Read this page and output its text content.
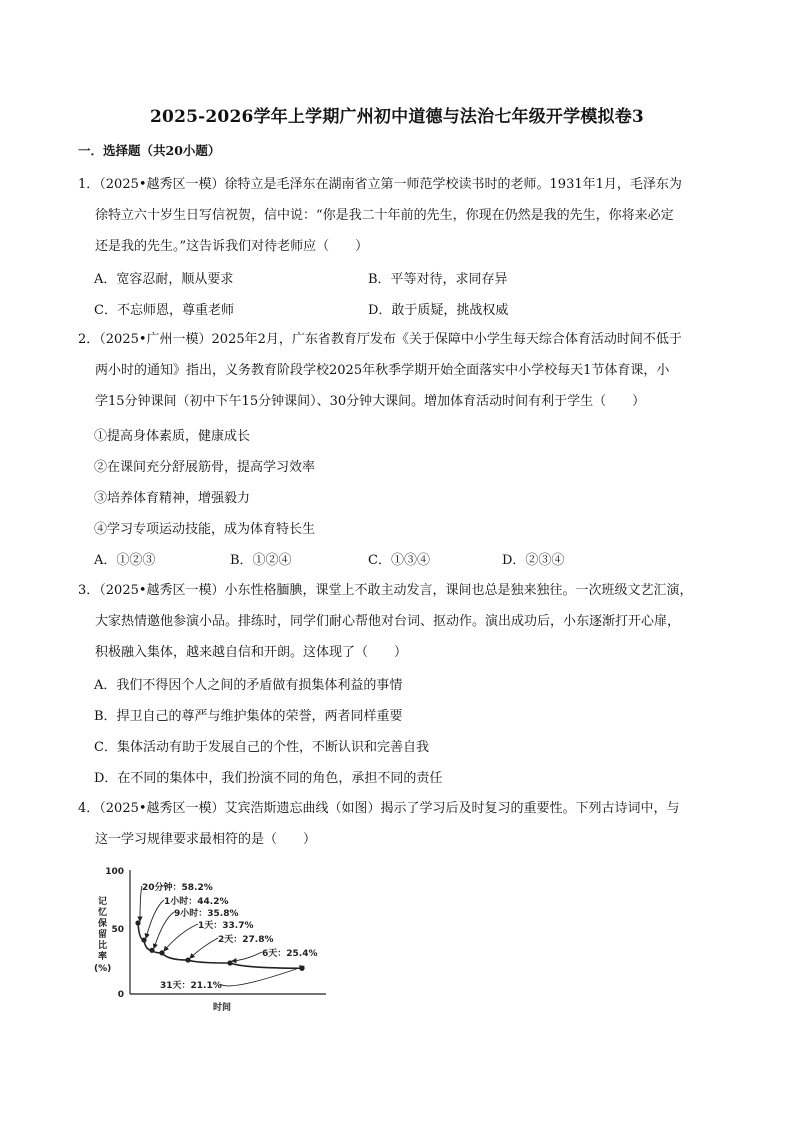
2025-2026学年上学期广州初中道德与法治七年级开学模拟卷3
一．选择题（共20小题）
1．（2025•越秀区一模）徐特立是毛泽东在湖南省立第一师范学校读书时的老师。1931年1月，毛泽东为
徐特立六十岁生日写信祝贺，信中说：“你是我二十年前的先生，你现在仍然是我的先生，你将来必定
还是我的先生。”这告诉我们对待老师应（　　）
A．宽容忍耐，顺从要求	B．平等对待，求同存异
C．不忘师恩，尊重老师	D．敢于质疑，挑战权威
2．（2025•广州一模）2025年2月，广东省教育厅发布《关于保障中小学生每天综合体育活动时间不低于
两小时的通知》指出，义务教育阶段学校2025年秋季学期开始全面落实中小学校每天1节体育课，小
学15分钟课间（初中下午15分钟课间）、30分钟大课间。增加体育活动时间有利于学生（　　）
①提高身体素质，健康成长
②在课间充分舒展筋骨，提高学习效率
③培养体育精神，增强毅力
④学习专项运动技能，成为体育特长生
A．①②③	B．①②④	C．①③④	D．②③④
3．（2025•越秀区一模）小东性格腼腆，课堂上不敢主动发言，课间也总是独来独往。一次班级文艺汇演，
大家热情邀他参演小品。排练时，同学们耐心帮他对台词、抠动作。演出成功后，小东逐渐打开心扉，
积极融入集体，越来越自信和开朗。这体现了（　　）
A．我们不得因个人之间的矛盾做有损集体利益的事情
B．捍卫自己的尊严与维护集体的荣誉，两者同样重要
C．集体活动有助于发展自己的个性，不断认识和完善自我
D．在不同的集体中，我们扮演不同的角色，承担不同的责任
4．（2025•越秀区一模）艾宾浩斯遗忘曲线（如图）揭示了学习后及时复习的重要性。下列古诗词中，与
这一学习规律要求最相符的是（　　）
100
50
0
记忆保留比率(%)
时间
20分钟：58.2%
1小时：44.2%
9小时：35.8%
1天：33.7%
2天：27.8%
6天：25.4%
31天：21.1%
